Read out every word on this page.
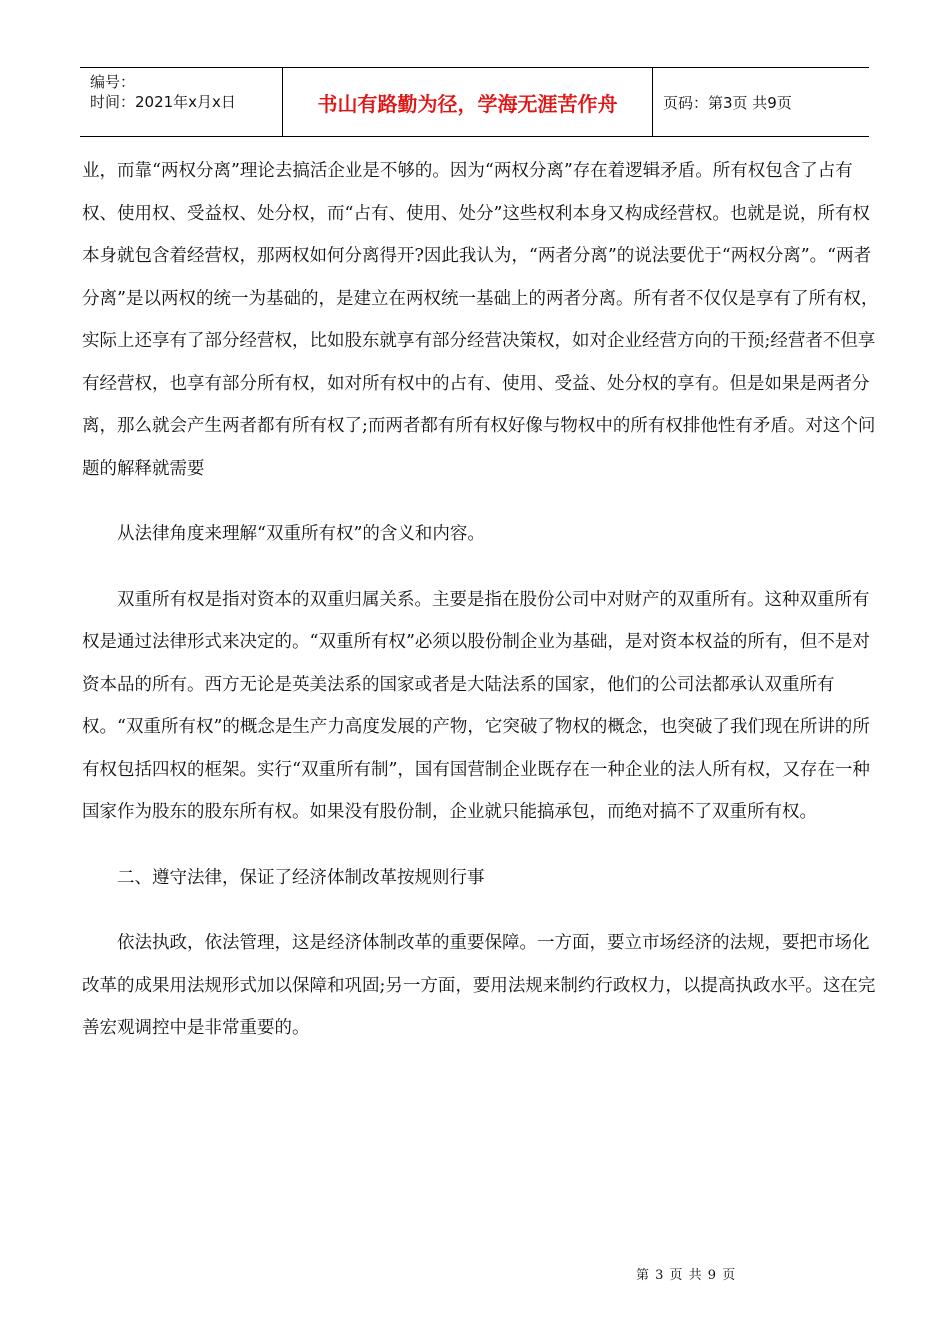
编号：
时间：2021年x月x日	书山有路勤为径，学海无涯苦作舟	页码：第3页 共9页

业，而靠“两权分离”理论去搞活企业是不够的。因为“两权分离”存在着逻辑矛盾。所有权包含了占有权、使用权、受益权、处分权，而“占有、使用、处分”这些权利本身又构成经营权。也就是说，所有权本身就包含着经营权，那两权如何分离得开?因此我认为，“两者分离”的说法要优于“两权分离”。“两者分离”是以两权的统一为基础的，是建立在两权统一基础上的两者分离。所有者不仅仅是享有了所有权，实际上还享有了部分经营权，比如股东就享有部分经营决策权，如对企业经营方向的干预;经营者不但享有经营权，也享有部分所有权，如对所有权中的占有、使用、受益、处分权的享有。但是如果是两者分离，那么就会产生两者都有所有权了;而两者都有所有权好像与物权中的所有权排他性有矛盾。对这个问题的解释就需要

从法律角度来理解“双重所有权”的含义和内容。

双重所有权是指对资本的双重归属关系。主要是指在股份公司中对财产的双重所有。这种双重所有权是通过法律形式来决定的。“双重所有权”必须以股份制企业为基础，是对资本权益的所有，但不是对资本品的所有。西方无论是英美法系的国家或者是大陆法系的国家，他们的公司法都承认双重所有权。“双重所有权”的概念是生产力高度发展的产物，它突破了物权的概念，也突破了我们现在所讲的所有权包括四权的框架。实行“双重所有制”，国有国营制企业既存在一种企业的法人所有权，又存在一种国家作为股东的股东所有权。如果没有股份制，企业就只能搞承包，而绝对搞不了双重所有权。

二、遵守法律，保证了经济体制改革按规则行事

依法执政，依法管理，这是经济体制改革的重要保障。一方面，要立市场经济的法规，要把市场化改革的成果用法规形式加以保障和巩固;另一方面，要用法规来制约行政权力，以提高执政水平。这在完善宏观调控中是非常重要的。

第 3 页 共 9 页
